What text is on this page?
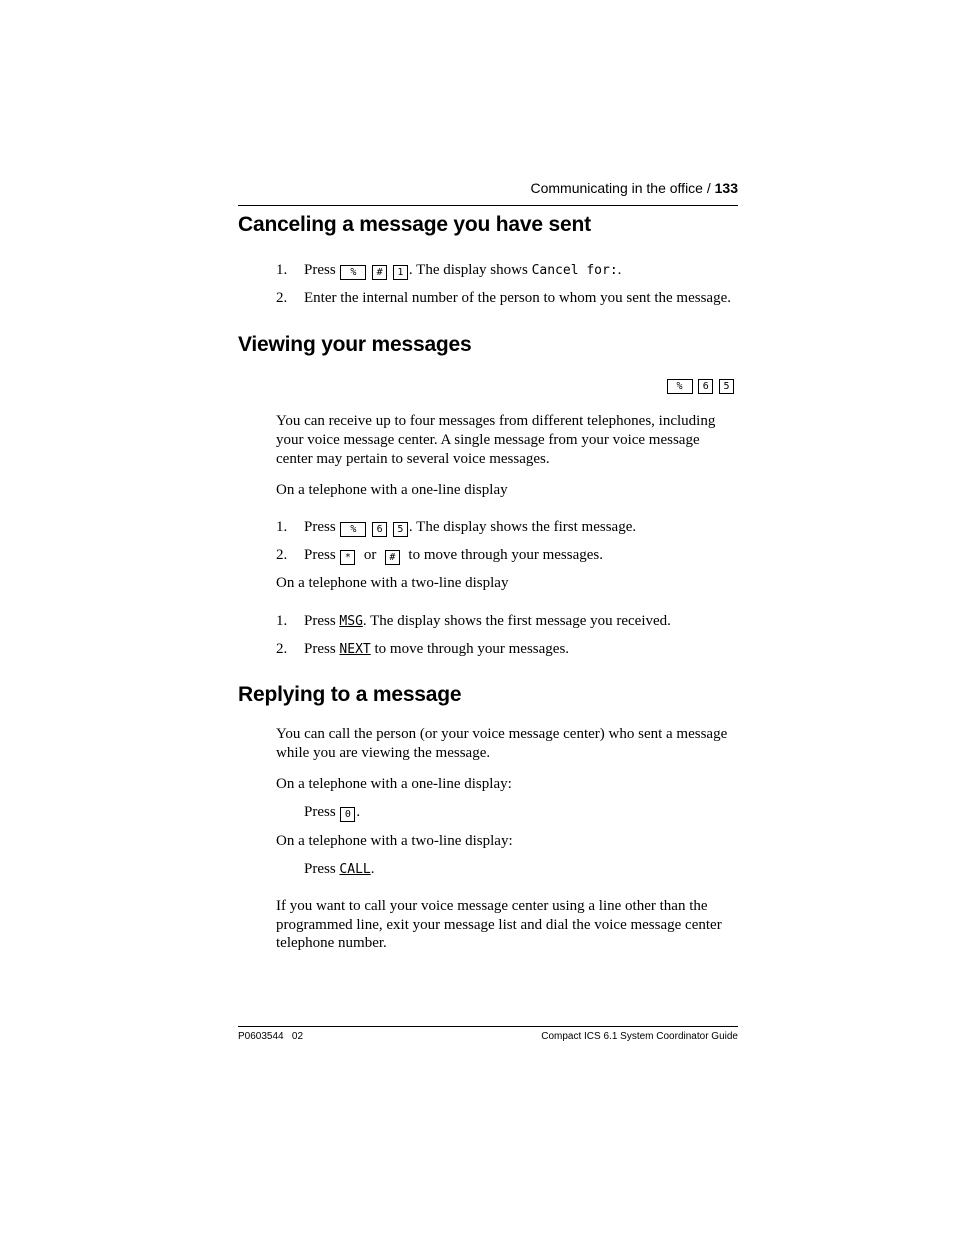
Communicating in the office / 133
Canceling a message you have sent
1. Press % # 1 . The display shows Cancel for:.
2. Enter the internal number of the person to whom you sent the message.
Viewing your messages
% 6 5
You can receive up to four messages from different telephones, including your voice message center. A single message from your voice message center may pertain to several voice messages.
On a telephone with a one-line display
1. Press % 6 5 . The display shows the first message.
2. Press * or # to move through your messages.
On a telephone with a two-line display
1. Press MSG. The display shows the first message you received.
2. Press NEXT to move through your messages.
Replying to a message
You can call the person (or your voice message center) who sent a message while you are viewing the message.
On a telephone with a one-line display:
Press 0 .
On a telephone with a two-line display:
Press CALL.
If you want to call your voice message center using a line other than the programmed line, exit your message list and dial the voice message center telephone number.
P0603544   02	Compact ICS 6.1 System Coordinator Guide
